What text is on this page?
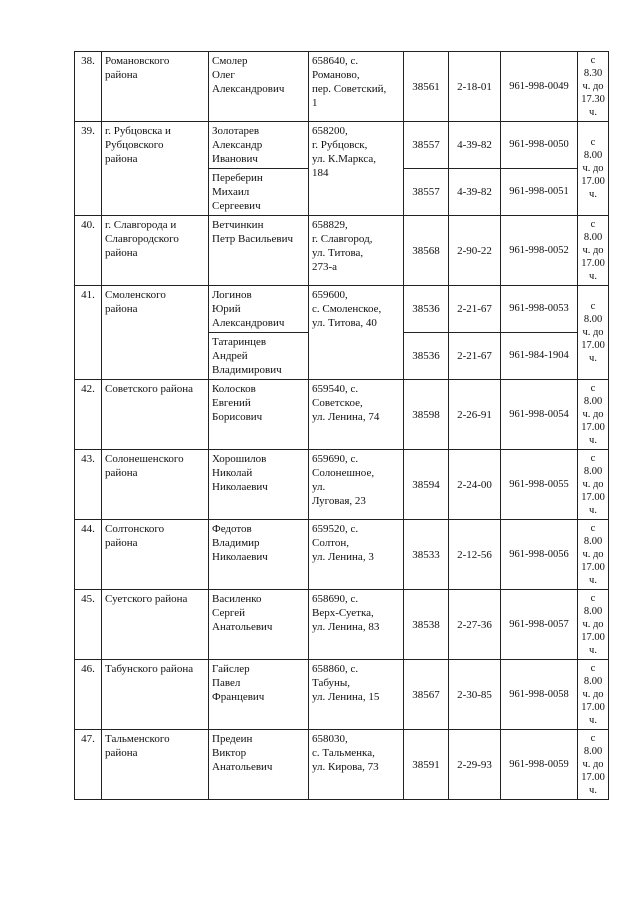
38.	Романовского
района	Смолер
Олег
Александрович	658640, с.
Романово,
пер. Советский,
1	38561	2-18-01	961-998-0049	с
8.30
ч. до
17.30
ч.
39.	г. Рубцовска и
Рубцовского
района	Золотарев
Александр
Иванович	658200,
г. Рубцовск,
ул. К.Маркса,
184	38557	4-39-82	961-998-0050	с
8.00
ч. до
17.00
ч.
		Переберин
Михаил
Сергеевич		38557	4-39-82	961-998-0051	
40.	г. Славгорода и
Славгородского
района	Ветчинкин
Петр Васильевич	658829,
г. Славгород,
ул. Титова,
273-а	38568	2-90-22	961-998-0052	с
8.00
ч. до
17.00
ч.
41.	Смоленского
района	Логинов
Юрий
Александрович	659600,
с. Смоленское,
ул. Титова, 40	38536	2-21-67	961-998-0053	с
8.00
ч. до
17.00
ч.
		Татаринцев
Андрей
Владимирович		38536	2-21-67	961-984-1904	
42.	Советского района	Колосков
Евгений
Борисович	659540, с.
Советское,
ул. Ленина, 74	38598	2-26-91	961-998-0054	с
8.00
ч. до
17.00
ч.
43.	Солонешенского
района	Хорошилов
Николай
Николаевич	659690, с.
Солонешное,
ул.
Луговая, 23	38594	2-24-00	961-998-0055	с
8.00
ч. до
17.00
ч.
44.	Солтонского
района	Федотов
Владимир
Николаевич	659520, с.
Солтон,
ул. Ленина, 3	38533	2-12-56	961-998-0056	с
8.00
ч. до
17.00
ч.
45.	Суетского района	Василенко
Сергей
Анатольевич	658690, с.
Верх-Суетка,
ул. Ленина, 83	38538	2-27-36	961-998-0057	с
8.00
ч. до
17.00
ч.
46.	Табунского района	Гайслер
Павел
Францевич	658860, с.
Табуны,
ул. Ленина, 15	38567	2-30-85	961-998-0058	с
8.00
ч. до
17.00
ч.
47.	Тальменского
района	Предеин
Виктор
Анатольевич	658030,
с. Тальменка,
ул. Кирова, 73	38591	2-29-93	961-998-0059	с
8.00
ч. до
17.00
ч.
